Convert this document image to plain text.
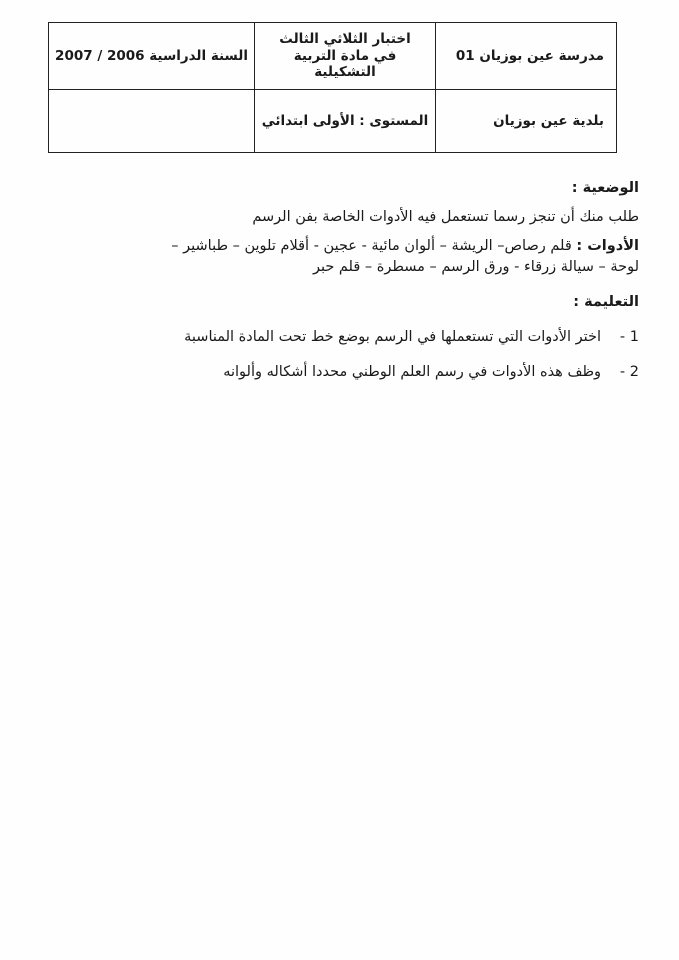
مدرسة عين بوزيان 01
اختبار الثلاثي الثالث
في مادة التربية التشكيلية
السنة الدراسية 2006 / 2007
بلدية عين بوزيان
المستوى : الأولى ابتدائي

الوضعية :

طلب منك أن تنجز رسما تستعمل فيه الأدوات الخاصة بفن الرسم

الأدوات : قلم رصاص– الريشة – ألوان مائية - عجين - أقلام تلوين – طباشير –

لوحة – سيالة زرقاء - ورق الرسم – مسطرة – قلم حبر

التعليمة :

1 -
اختر الأدوات التي تستعملها في الرسم بوضع خط تحت المادة المناسبة

2 -
وظف هذه الأدوات في رسم العلم الوطني محددا أشكاله وألوانه
